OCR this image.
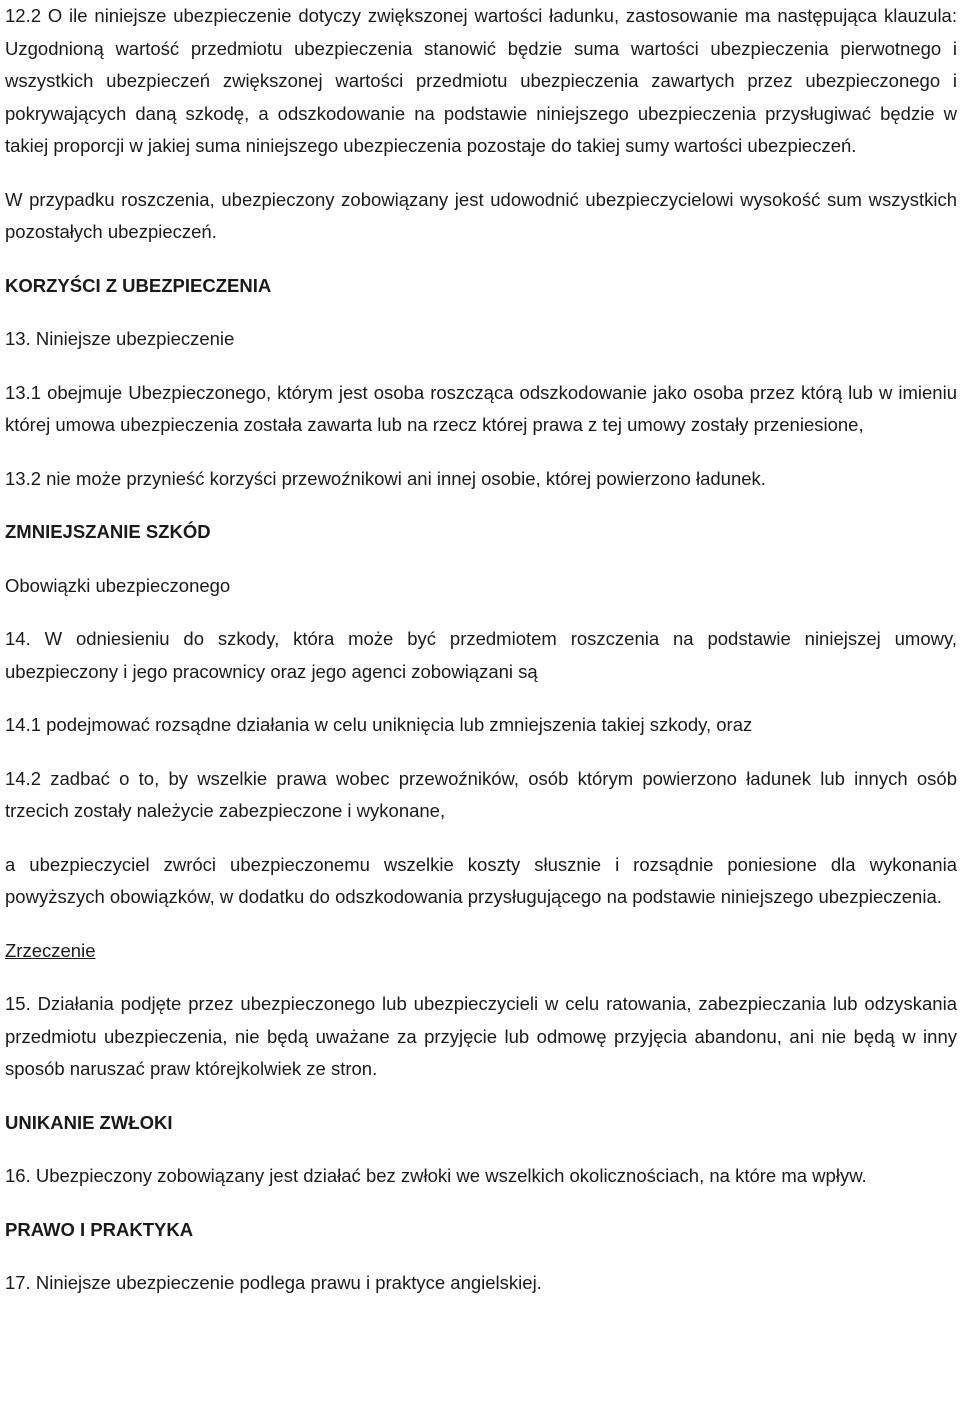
12.2 O ile niniejsze ubezpieczenie dotyczy zwiększonej wartości ładunku, zastosowanie ma następująca klauzula: Uzgodnioną wartość przedmiotu ubezpieczenia stanowić będzie suma wartości ubezpieczenia pierwotnego i wszystkich ubezpieczeń zwiększonej wartości przedmiotu ubezpieczenia zawartych przez ubezpieczonego i pokrywających daną szkodę, a odszkodowanie na podstawie niniejszego ubezpieczenia przysługiwać będzie w takiej proporcji w jakiej suma niniejszego ubezpieczenia pozostaje do takiej sumy wartości ubezpieczeń.

W przypadku roszczenia, ubezpieczony zobowiązany jest udowodnić ubezpieczycielowi wysokość sum wszystkich pozostałych ubezpieczeń.

KORZYŚCI Z UBEZPIECZENIA

13. Niniejsze ubezpieczenie

13.1 obejmuje Ubezpieczonego, którym jest osoba roszcząca odszkodowanie jako osoba przez którą lub w imieniu której umowa ubezpieczenia została zawarta lub na rzecz której prawa z tej umowy zostały przeniesione,

13.2 nie może przynieść korzyści przewoźnikowi ani innej osobie, której powierzono ładunek.

ZMNIEJSZANIE SZKÓD

Obowiązki ubezpieczonego

14. W odniesieniu do szkody, która może być przedmiotem roszczenia na podstawie niniejszej umowy, ubezpieczony i jego pracownicy oraz jego agenci zobowiązani są

14.1 podejmować rozsądne działania w celu uniknięcia lub zmniejszenia takiej szkody, oraz

14.2 zadbać o to, by wszelkie prawa wobec przewoźników, osób którym powierzono ładunek lub innych osób trzecich zostały należycie zabezpieczone i wykonane,

a ubezpieczyciel zwróci ubezpieczonemu wszelkie koszty słusznie i rozsądnie poniesione dla wykonania powyższych obowiązków, w dodatku do odszkodowania przysługującego na podstawie niniejszego ubezpieczenia.

Zrzeczenie

15. Działania podjęte przez ubezpieczonego lub ubezpieczycieli w celu ratowania, zabezpieczania lub odzyskania przedmiotu ubezpieczenia, nie będą uważane za przyjęcie lub odmowę przyjęcia abandonu, ani nie będą w inny sposób naruszać praw którejkolwiek ze stron.

UNIKANIE ZWŁOKI

16. Ubezpieczony zobowiązany jest działać bez zwłoki we wszelkich okolicznościach, na które ma wpływ.

PRAWO I PRAKTYKA

17. Niniejsze ubezpieczenie podlega prawu i praktyce angielskiej.
